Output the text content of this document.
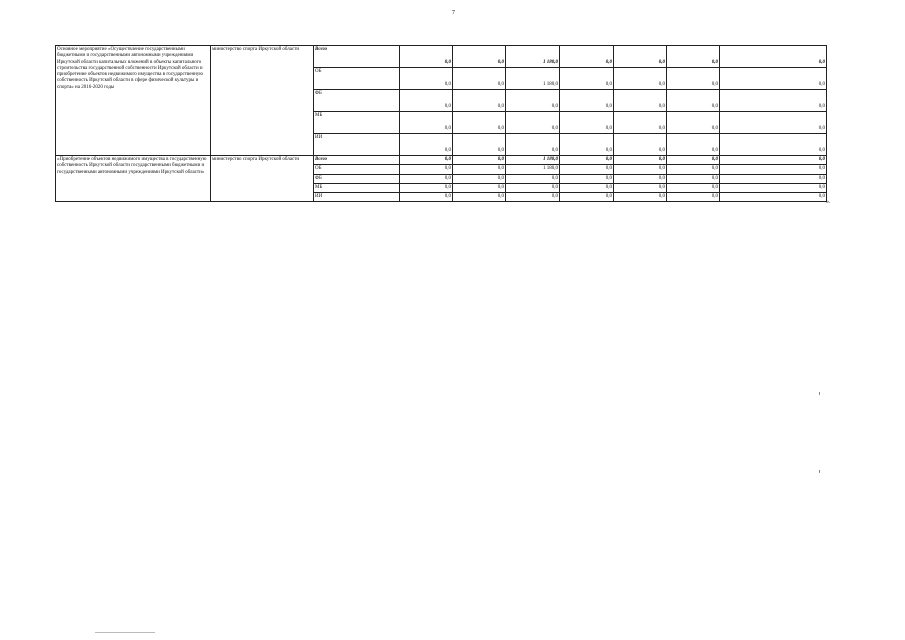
7
Основное мероприятие «Осуществление государственными бюджетными и государственными автономными учреждениями Иркутской области капитальных вложений в объекты капитального строительства государственной собственности Иркутской области и приобретение объектов недвижимого имущества в государственную собственность Иркутской области в сфере физической культуры и спорта» на 2016-2020 годы	министерство спорта Иркутской области	Всего	0,0	0,0	1 180,0	0,0	0,0	0,0	0,0	
		ОБ	0,0	0,0	1 180,0	0,0	0,0	0,0	0,0	
		ФБ	0,0	0,0	0,0	0,0	0,0	0,0	0,0	
		МБ	0,0	0,0	0,0	0,0	0,0	0,0	0,0	
		ИИ	0,0	0,0	0,0	0,0	0,0	0,0	0,0	
«Приобретение объектов недвижимого имущества в государственную собственность Иркутской области государственными бюджетными и государственными автономными учреждениями Иркутской области»	министерство спорта Иркутской области	Всего	0,0	0,0	1 180,0	0,0	0,0	0,0	0,0	
		ОБ	0,0	0,0	1 180,0	0,0	0,0	0,0	0,0	
		ФБ	0,0	0,0	0,0	0,0	0,0	0,0	0,0	
		МБ	0,0	0,0	0,0	0,0	0,0	0,0	0,0	
		ИИ	0,0	0,0	0,0	0,0	0,0	0,0	0,0	
».
